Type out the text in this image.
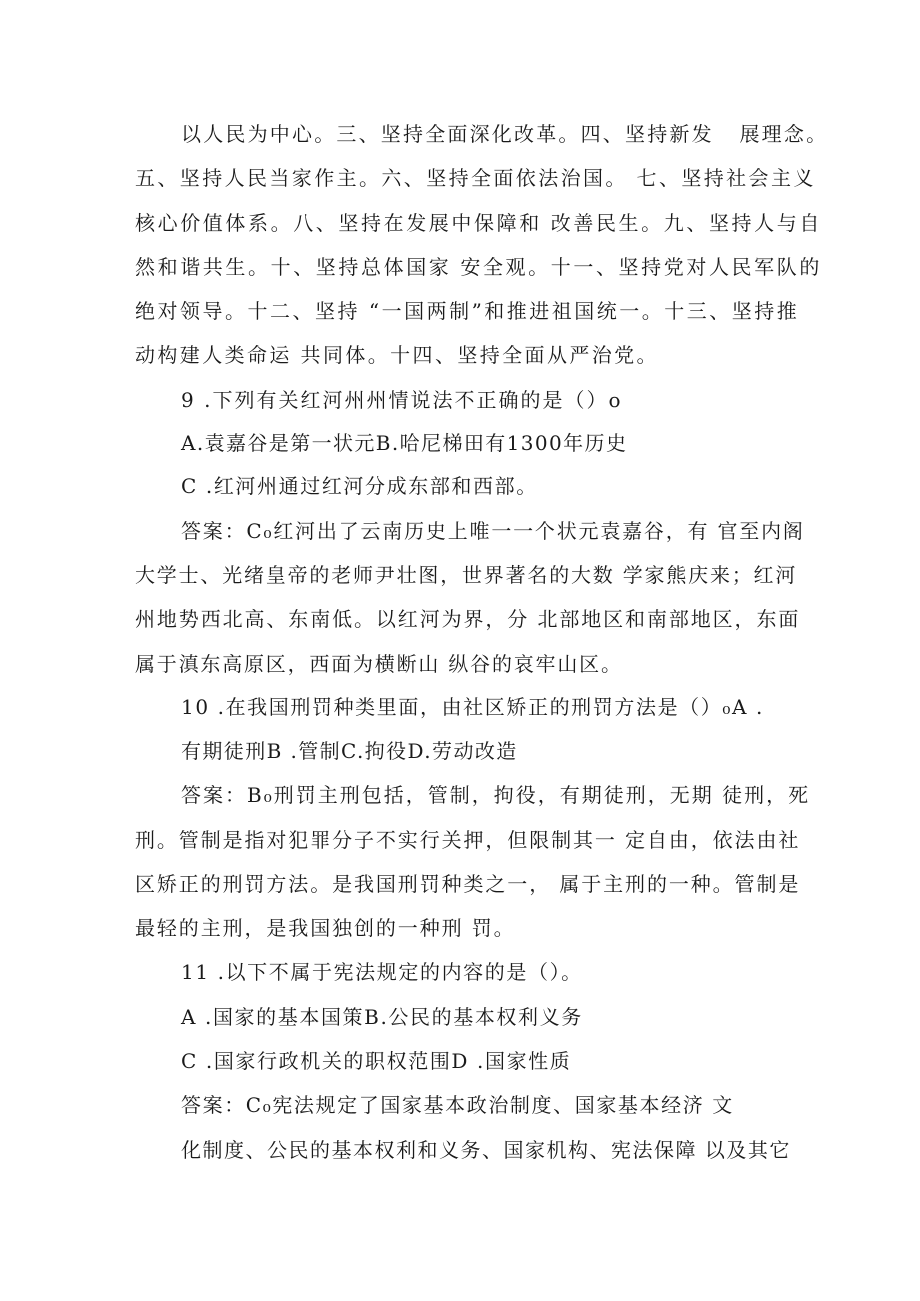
以人民为中心。三、坚持全面深化改革。四、坚持新发   展理念。
五、坚持人民当家作主。六、坚持全面依法治国。 七、坚持社会主义
核心价值体系。八、坚持在发展中保障和 改善民生。九、坚持人与自
然和谐共生。十、坚持总体国家 安全观。十一、坚持党对人民军队的
绝对领导。十二、坚持 “一国两制”和推进祖国统一。十三、坚持推
动构建人类命运 共同体。十四、坚持全面从严治党。
9 .下列有关红河州州情说法不正确的是（）o
A.袁嘉谷是第一状元B.哈尼梯田有1300年历史
C .红河州通过红河分成东部和西部。
答案：C₀红河出了云南历史上唯一一个状元袁嘉谷，有 官至内阁
大学士、光绪皇帝的老师尹壮图，世界著名的大数 学家熊庆来；红河
州地势西北高、东南低。以红河为界，分 北部地区和南部地区，东面
属于滇东高原区，西面为横断山 纵谷的哀牢山区。
10 .在我国刑罚种类里面，由社区矫正的刑罚方法是（）₀A .
有期徒刑B .管制C.拘役D.劳动改造
答案：B₀刑罚主刑包括，管制，拘役，有期徒刑，无期 徒刑，死
刑。管制是指对犯罪分子不实行关押，但限制其一 定自由，依法由社
区矫正的刑罚方法。是我国刑罚种类之一， 属于主刑的一种。管制是
最轻的主刑，是我国独创的一种刑 罚。
11 .以下不属于宪法规定的内容的是（）。
A .国家的基本国策B.公民的基本权利义务
C .国家行政机关的职权范围D .国家性质
答案：C₀宪法规定了国家基本政治制度、国家基本经济 文
化制度、公民的基本权利和义务、国家机构、宪法保障 以及其它
